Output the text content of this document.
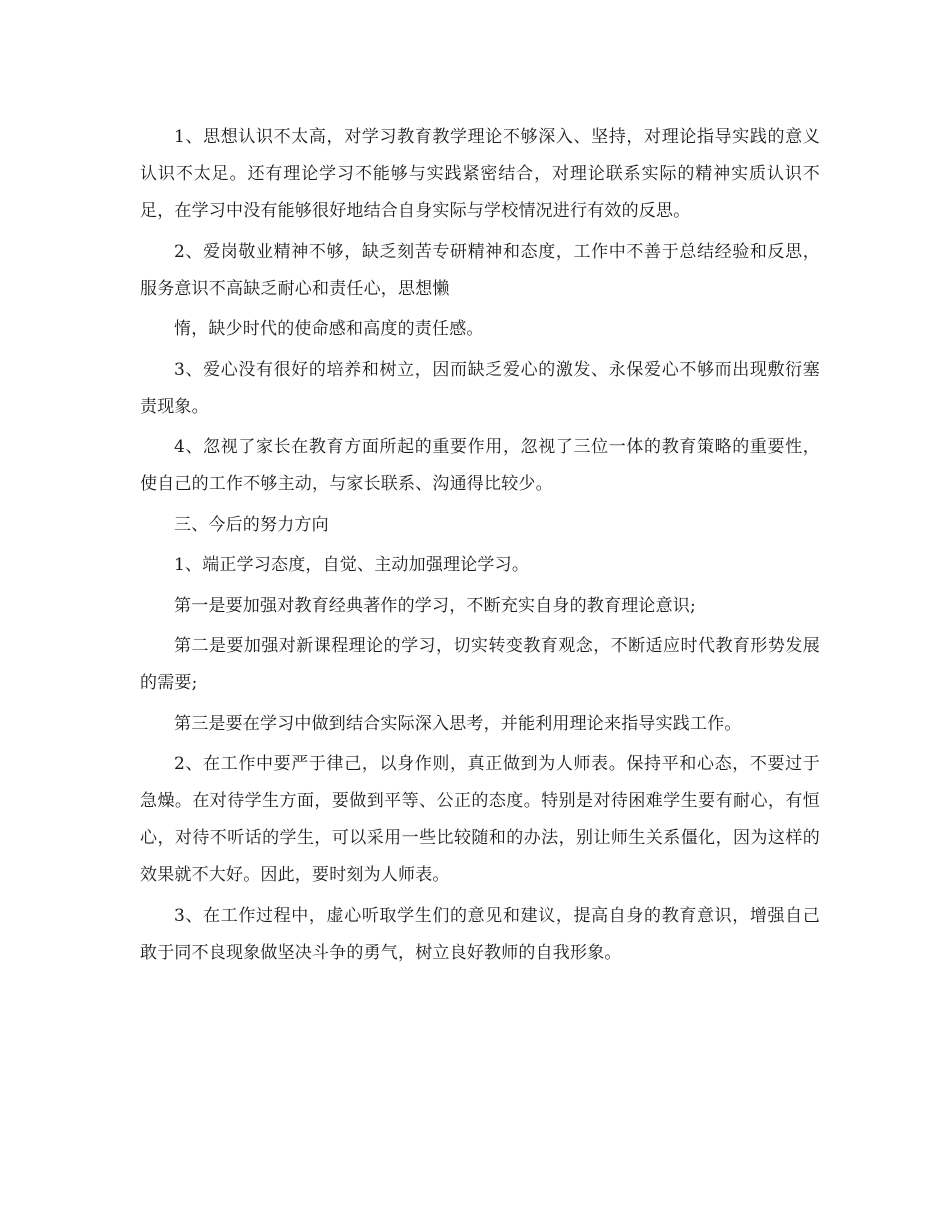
1、思想认识不太高，对学习教育教学理论不够深入、坚持，对理论指导实践的意义认识不太足。还有理论学习不能够与实践紧密结合，对理论联系实际的精神实质认识不足，在学习中没有能够很好地结合自身实际与学校情况进行有效的反思。

2、爱岗敬业精神不够，缺乏刻苦专研精神和态度，工作中不善于总结经验和反思，服务意识不高缺乏耐心和责任心，思想懒

惰，缺少时代的使命感和高度的责任感。

3、爱心没有很好的培养和树立，因而缺乏爱心的激发、永保爱心不够而出现敷衍塞责现象。

4、忽视了家长在教育方面所起的重要作用，忽视了三位一体的教育策略的重要性，使自己的工作不够主动，与家长联系、沟通得比较少。

三、今后的努力方向

1、端正学习态度，自觉、主动加强理论学习。

第一是要加强对教育经典著作的学习，不断充实自身的教育理论意识;

第二是要加强对新课程理论的学习，切实转变教育观念，不断适应时代教育形势发展的需要;

第三是要在学习中做到结合实际深入思考，并能利用理论来指导实践工作。

2、在工作中要严于律己，以身作则，真正做到为人师表。保持平和心态，不要过于急燥。在对待学生方面，要做到平等、公正的态度。特别是对待困难学生要有耐心，有恒心，对待不听话的学生，可以采用一些比较随和的办法，别让师生关系僵化，因为这样的效果就不大好。因此，要时刻为人师表。

3、在工作过程中，虚心听取学生们的意见和建议，提高自身的教育意识，增强自己敢于同不良现象做坚决斗争的勇气，树立良好教师的自我形象。
